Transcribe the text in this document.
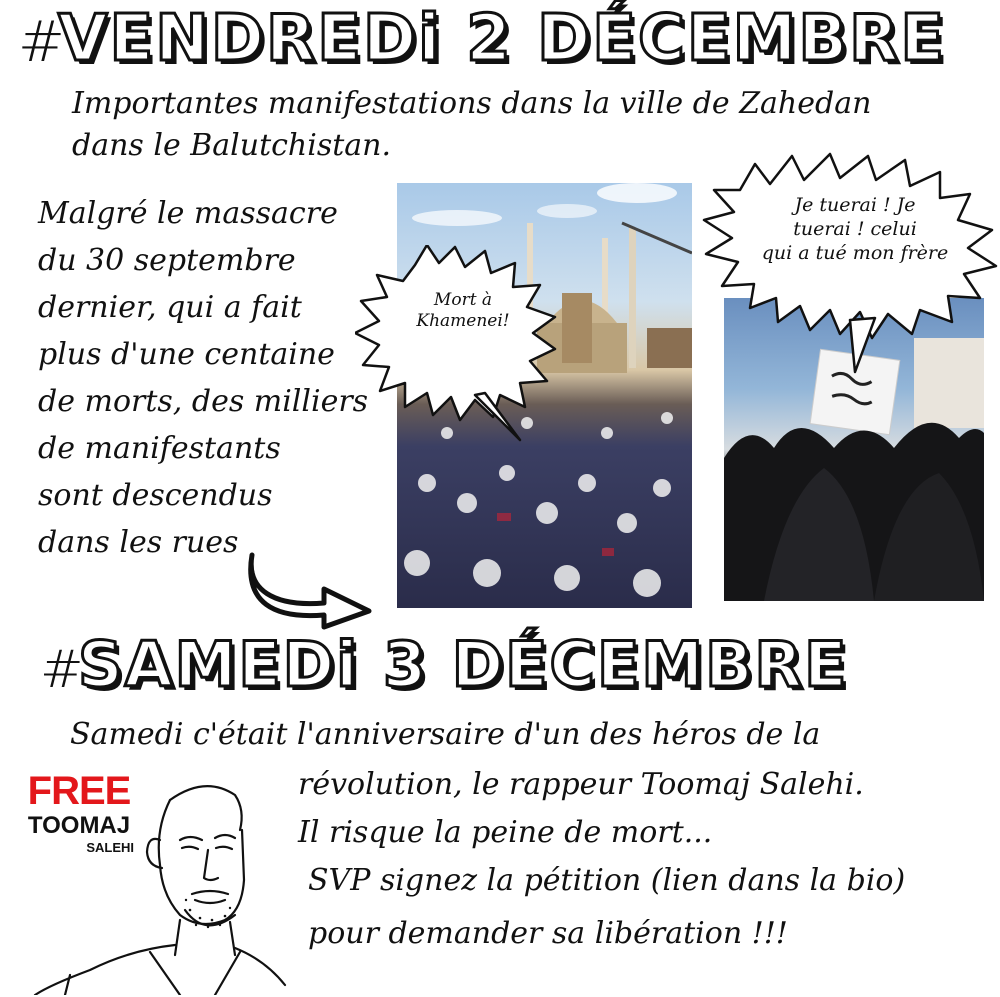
#
VENDREDi 2 DÉCEMBRE
Importantes manifestations dans la ville de Zahedan
dans le Balutchistan.
Malgré le massacre
du 30 septembre
dernier, qui a fait
plus d'une centaine
de morts, des milliers
de manifestants
sont descendus
dans les rues
Mort à
Khamenei!
Je tuerai ! Je
tuerai ! celui
qui a tué mon frère
#
SAMEDi 3 DÉCEMBRE
Samedi c'était l'anniversaire d'un des héros de la
révolution, le rappeur Toomaj Salehi.
Il risque la peine de mort...
SVP signez la pétition (lien dans la bio)
pour demander sa libération !!!
FREE
TOOMAJ
SALEHI
